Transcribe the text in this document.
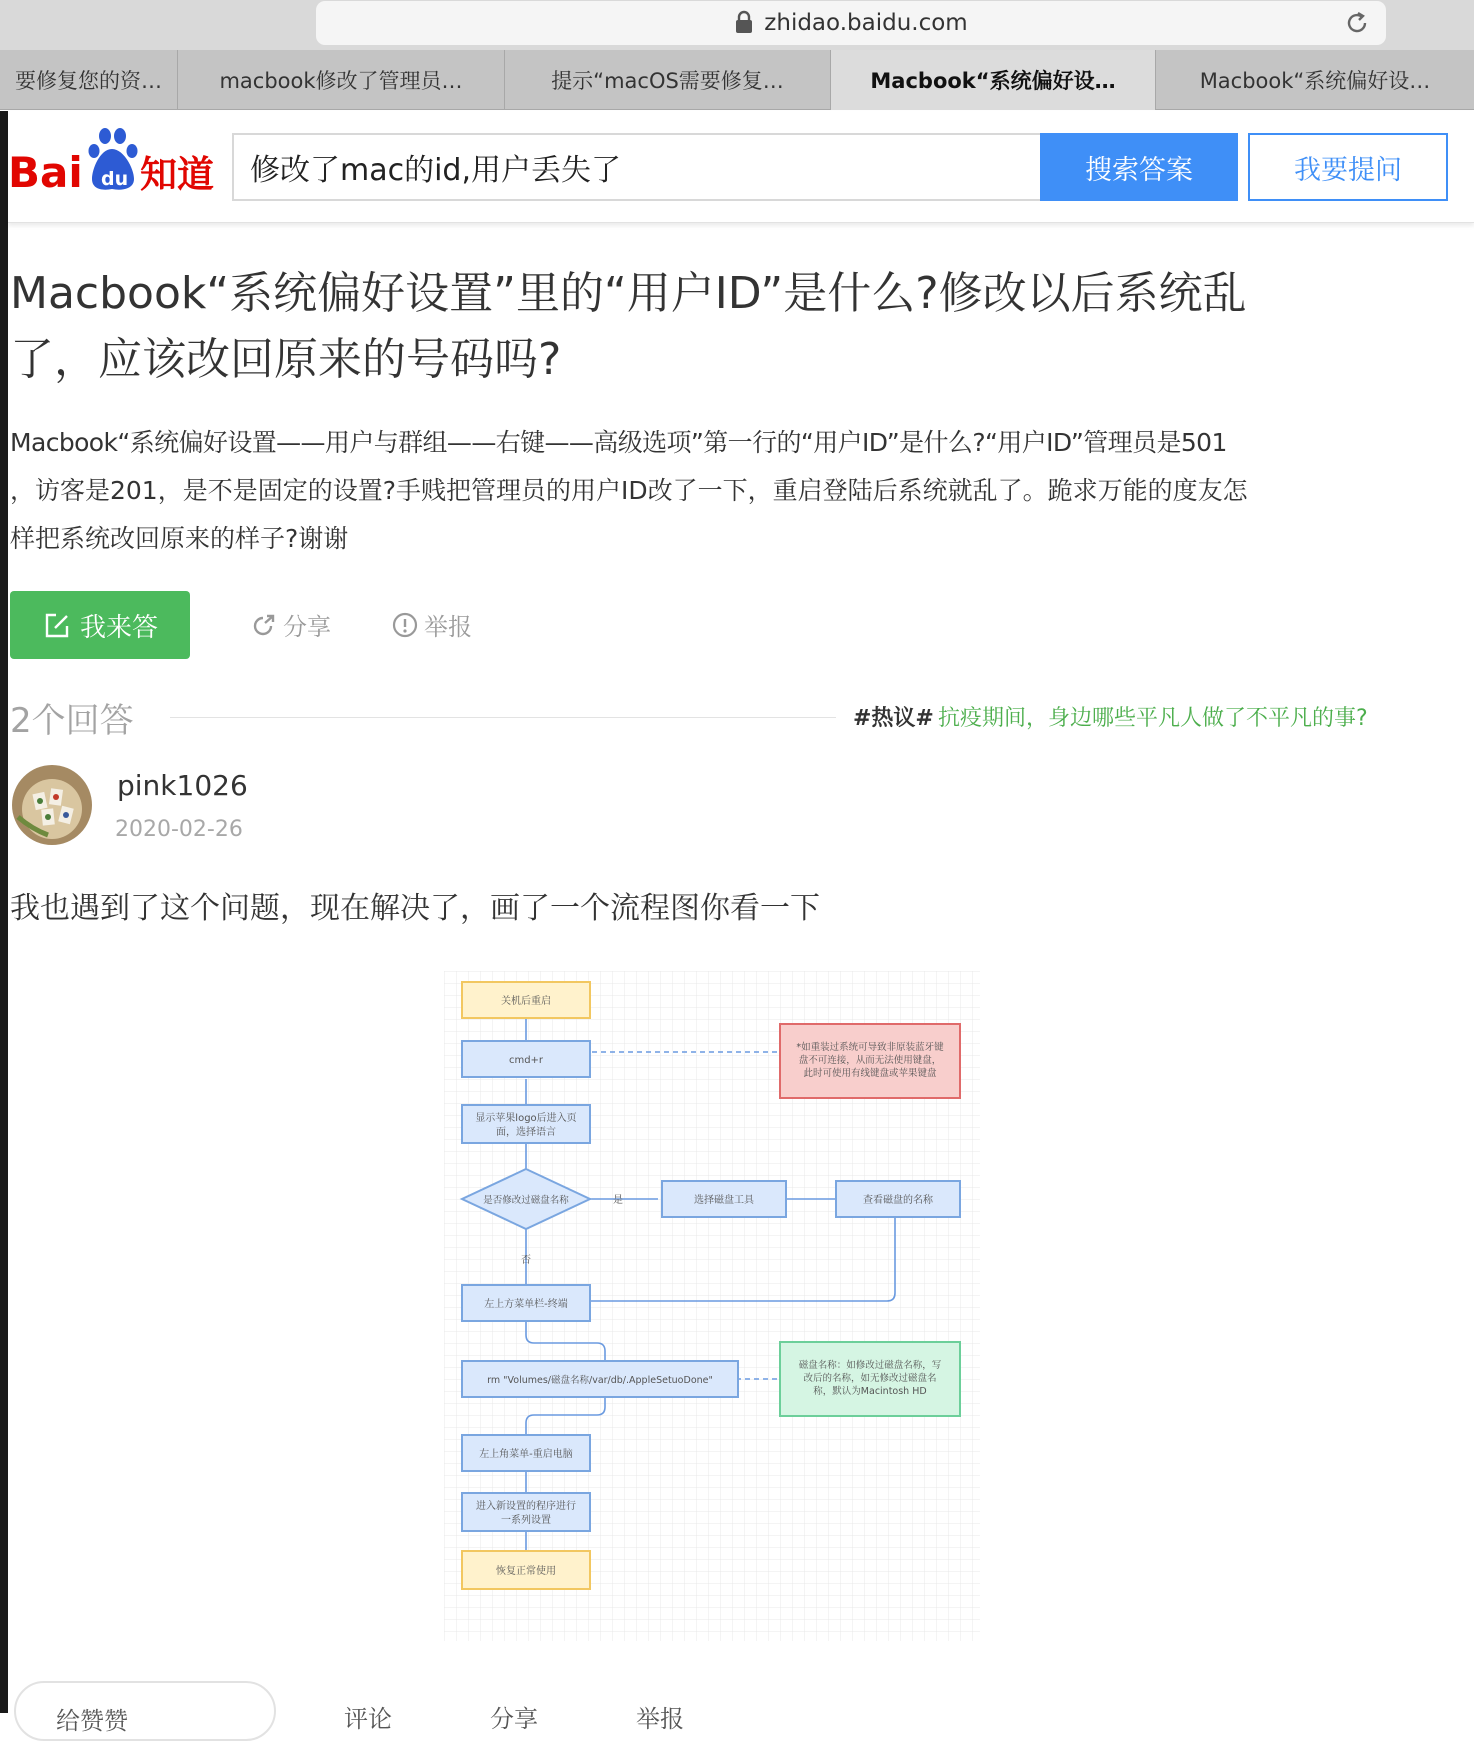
zhidao.baidu.com
要修复您的资…	macbook修改了管理员…	提示“macOS需要修复…	Macbook“系统偏好设…	Macbook“系统偏好设…
du
Bai 知道 修改了mac的id,用户丢失了	搜索答案	我要提问
Macbook“系统偏好设置”里的“用户ID”是什么?修改以后系统乱
了，应该改回原来的号码吗?
Macbook“系统偏好设置——用户与群组——右键——高级选项”第一行的“用户ID”是什么?“用户ID”管理员是501
，访客是201，是不是固定的设置?手贱把管理员的用户ID改了一下，重启登陆后系统就乱了。跪求万能的度友怎
样把系统改回原来的样子?谢谢
我来答	分享	举报
2个回答	#热议# 抗疫期间，身边哪些平凡人做了不平凡的事?
pink1026
2020-02-26
我也遇到了这个问题，现在解决了，画了一个流程图你看一下
关机后重启
cmd+r
显示苹果logo后进入页
面，选择语言
是否修改过磁盘名称	是
否
选择磁盘工具	查看磁盘的名称
左上方菜单栏-终端
rm "Volumes/磁盘名称/var/db/.AppleSetuoDone"
左上角菜单-重启电脑
进入新设置的程序进行
一系列设置
恢复正常使用
*如重装过系统可导致非原装蓝牙键
盘不可连接，从而无法使用键盘，
此时可使用有线键盘或苹果键盘
磁盘名称：如修改过磁盘名称，写
改后的名称，如无修改过磁盘名
称，默认为Macintosh HD
给赞赞	评论	分享	举报
